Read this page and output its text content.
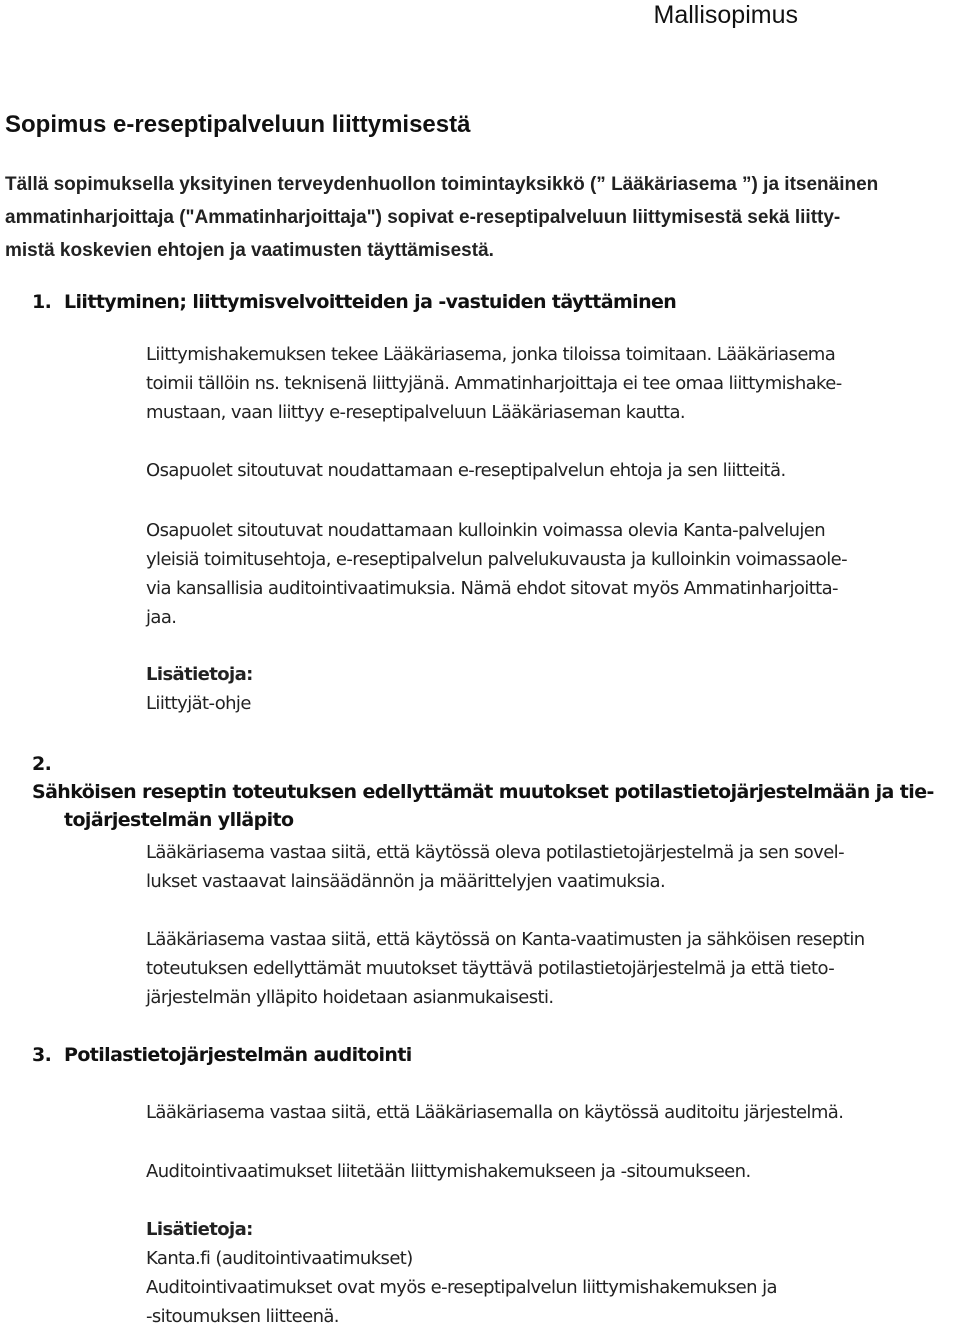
Mallisopimus
Sopimus e-reseptipalveluun liittymisestä
Tällä sopimuksella yksityinen terveydenhuollon toimintayksikkö (” Lääkäriasema ”) ja itsenäinen
ammatinharjoittaja ("Ammatinharjoittaja") sopivat e-reseptipalveluun liittymisestä sekä liitty-
mistä koskevien ehtojen ja vaatimusten täyttämisestä.
1. Liittyminen; liittymisvelvoitteiden ja -vastuiden täyttäminen
Liittymishakemuksen tekee Lääkäriasema, jonka tiloissa toimitaan. Lääkäriasema
toimii tällöin ns. teknisenä liittyjänä. Ammatinharjoittaja ei tee omaa liittymishake-
mustaan, vaan liittyy e-reseptipalveluun Lääkäriaseman kautta.
Osapuolet sitoutuvat noudattamaan e-reseptipalvelun ehtoja ja sen liitteitä.
Osapuolet sitoutuvat noudattamaan kulloinkin voimassa olevia Kanta-palvelujen
yleisiä toimitusehtoja, e-reseptipalvelun palvelukuvausta ja kulloinkin voimassaole-
via kansallisia auditointivaatimuksia. Nämä ehdot sitovat myös Ammatinharjoitta-
jaa.
Lisätietoja:
Liittyjät-ohje
2.Sähköisen reseptin toteutuksen edellyttämät muutokset potilastietojärjestelmään ja tie-
tojärjestelmän ylläpito
Lääkäriasema vastaa siitä, että käytössä oleva potilastietojärjestelmä ja sen sovel-
lukset vastaavat lainsäädännön ja määrittelyjen vaatimuksia.
Lääkäriasema vastaa siitä, että käytössä on Kanta-vaatimusten ja sähköisen reseptin
toteutuksen edellyttämät muutokset täyttävä potilastietojärjestelmä ja että tieto-
järjestelmän ylläpito hoidetaan asianmukaisesti.
3. Potilastietojärjestelmän auditointi
Lääkäriasema vastaa siitä, että Lääkäriasemalla on käytössä auditoitu järjestelmä.
Auditointivaatimukset liitetään liittymishakemukseen ja -sitoumukseen.
Lisätietoja:
Kanta.fi (auditointivaatimukset)
Auditointivaatimukset ovat myös e-reseptipalvelun liittymishakemuksen ja
-sitoumuksen liitteenä.
